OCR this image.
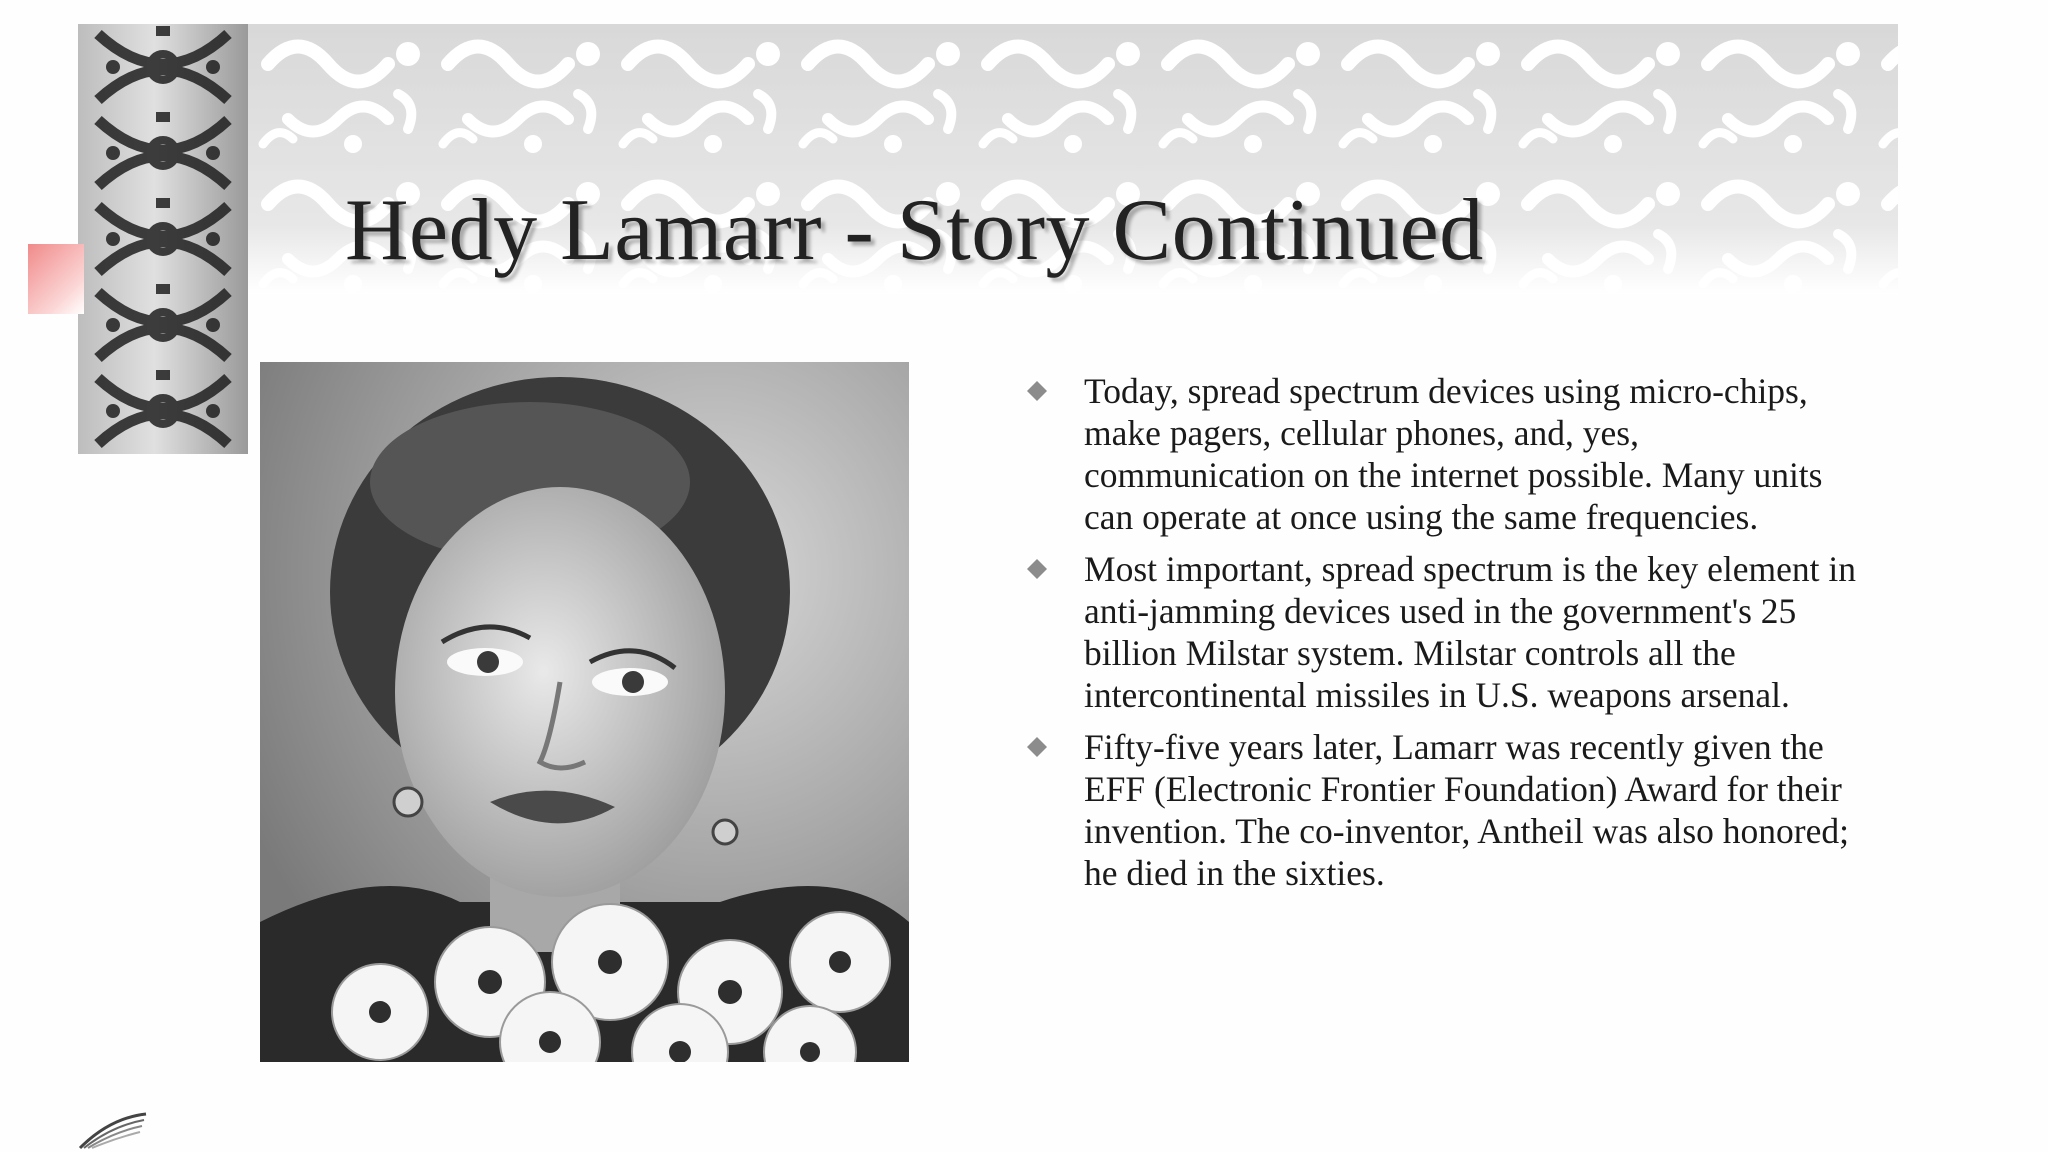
Hedy Lamarr - Story Continued
Today, spread spectrum devices using micro-chips, make pagers, cellular phones, and, yes, communication on the internet possible. Many units can operate at once using the same frequencies.
Most important, spread spectrum is the key element in anti-jamming devices used in the government's 25 billion Milstar system. Milstar controls all the intercontinental missiles in U.S. weapons arsenal.
Fifty-five years later, Lamarr was recently given the EFF (Electronic Frontier Foundation) Award for their invention. The co-inventor, Antheil was also honored; he died in the sixties.
